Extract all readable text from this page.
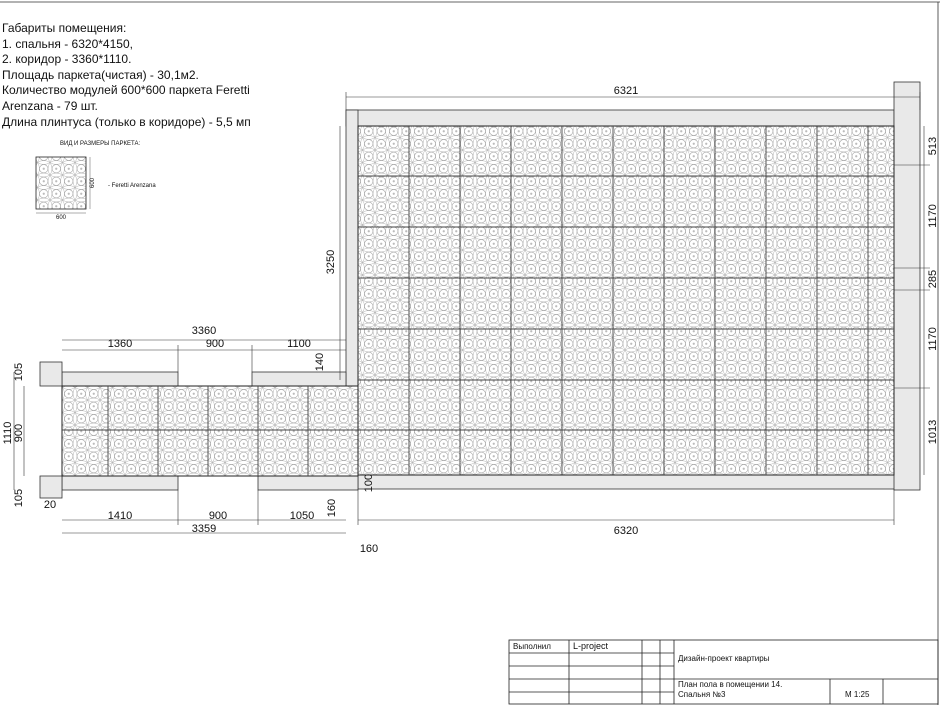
6321
6320
3250
3360
1360	900	1100
1410	900	1050
3359
1110 900
105
105
140
100
160
160
20
513
1170
285
1170
1013
600
600
Габариты помещения:
1. спальня - 6320*4150,
2. коридор - 3360*1110.
Площадь паркета(чистая) - 30,1м2.
Количество модулей 600*600 паркета Feretti
Arenzana - 79 шт.
Длина плинтуса (только в коридоре) - 5,5 мп
ВИД И РАЗМЕРЫ ПАРКЕТА:
- Feretti Arenzana
Выполнил L-project
Дизайн-проект квартиры
План пола в помещении 14.
Спальня №3	М 1:25
